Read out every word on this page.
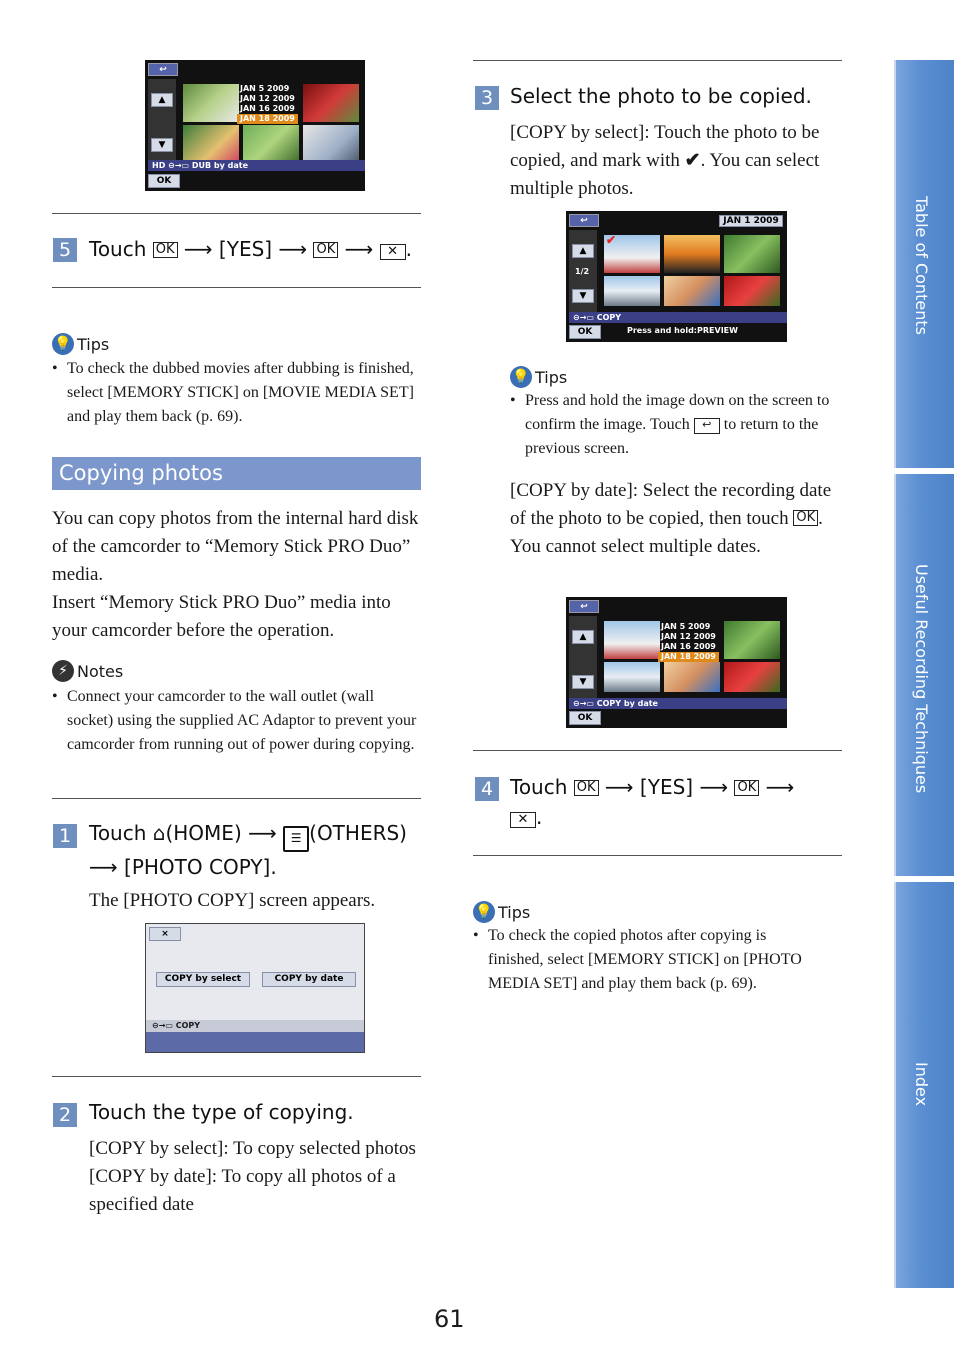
↩
▲
▼
JAN 5 2009
JAN 12 2009
JAN 16 2009
JAN 18 2009
HD ⊖→▭ DUB by date
OK
5 Touch OK ⟶ [YES] ⟶ OK ⟶ ✕ .
💡 Tips
• To check the dubbed movies after dubbing is finished, select [MEMORY STICK] on [MOVIE MEDIA SET] and play them back (p. 69).
Copying photos
You can copy photos from the internal hard disk of the camcorder to “Memory Stick PRO Duo” media.
Insert “Memory Stick PRO Duo” media into your camcorder before the operation.
⚡ Notes
• Connect your camcorder to the wall outlet (wall socket) using the supplied AC Adaptor to prevent your camcorder from running out of power during copying.
1 Touch ⌂(HOME) ⟶ ☰ (OTHERS)
⟶ [PHOTO COPY].
The [PHOTO COPY] screen appears.
×
COPY by select	COPY by date
⊖→▭ COPY
2 Touch the type of copying.
[COPY by select]: To copy selected photos
[COPY by date]: To copy all photos of a specified date
3 Select the photo to be copied.
[COPY by select]: Touch the photo to be copied, and mark with ✔. You can select multiple photos.
↩	JAN 1 2009
▲
1/2
▼
✔
⊖→▭ COPY
OK	Press and hold:PREVIEW
💡 Tips
• Press and hold the image down on the screen to confirm the image. Touch ↩ to return to the previous screen.
[COPY by date]: Select the recording date of the photo to be copied, then touch OK . You cannot select multiple dates.
↩
▲
▼
JAN 5 2009
JAN 12 2009
JAN 16 2009
JAN 18 2009
⊖→▭ COPY by date
OK
4 Touch OK ⟶ [YES] ⟶ OK ⟶
✕ .
💡 Tips
• To check the copied photos after copying is finished, select [MEMORY STICK] on [PHOTO MEDIA SET] and play them back (p. 69).
Table of Contents
Useful Recording Techniques
Index
61
